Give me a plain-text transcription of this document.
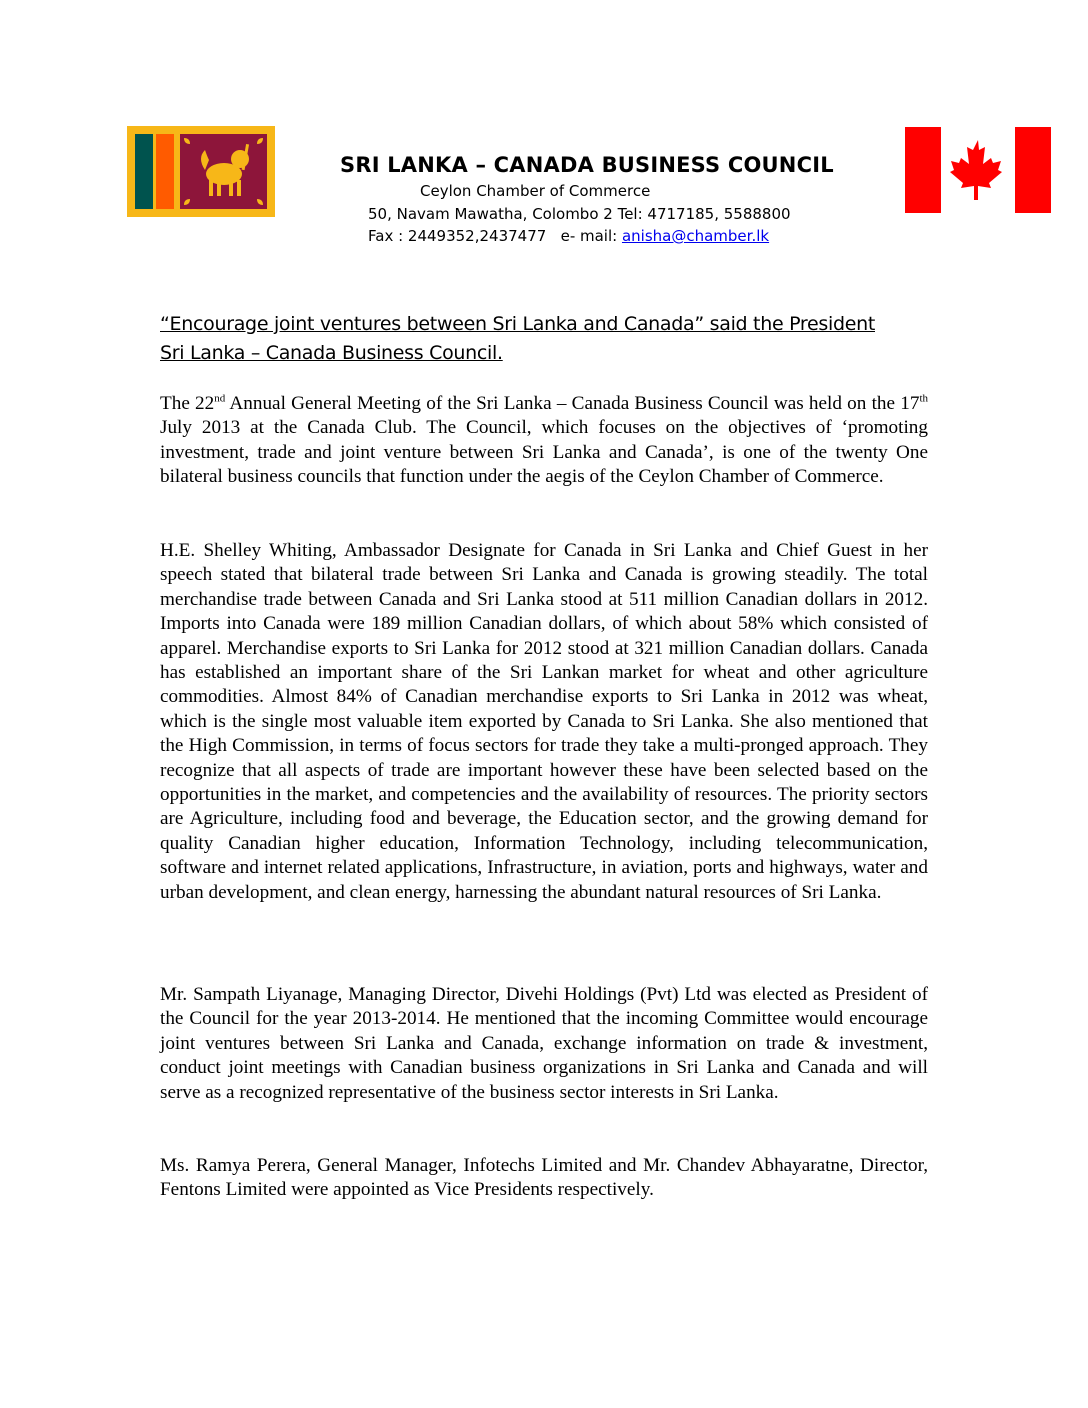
SRI LANKA – CANADA BUSINESS COUNCIL
Ceylon Chamber of Commerce
50, Navam Mawatha, Colombo 2 Tel: 4717185, 5588800
Fax : 2449352,2437477   e- mail: anisha@chamber.lk
“Encourage joint ventures between Sri Lanka and Canada” said the President
Sri Lanka – Canada Business Council.

The 22nd Annual General Meeting of the Sri Lanka – Canada Business Council was held on the 17th July 2013 at the Canada Club. The Council, which focuses on the objectives of ‘promoting investment, trade and joint venture between Sri Lanka and Canada’, is one of the twenty One bilateral business councils that function under the aegis of the Ceylon Chamber of Commerce.

H.E. Shelley Whiting, Ambassador Designate for Canada in Sri Lanka and Chief Guest in her speech stated that bilateral trade between Sri Lanka and Canada is growing steadily. The total merchandise trade between Canada and Sri Lanka stood at 511 million Canadian dollars in 2012. Imports into Canada were 189 million Canadian dollars, of which about 58% which consisted of apparel. Merchandise exports to Sri Lanka for 2012 stood at 321 million Canadian dollars. Canada has established an important share of the Sri Lankan market for wheat and other agriculture commodities. Almost 84% of Canadian merchandise exports to Sri Lanka in 2012 was wheat, which is the single most valuable item exported by Canada to Sri Lanka. She also mentioned that the High Commission, in terms of focus sectors for trade they take a multi-pronged approach. They recognize that all aspects of trade are important however these have been selected based on the opportunities in the market, and competencies and the availability of resources. The priority sectors are Agriculture, including food and beverage, the Education sector, and the growing demand for quality Canadian higher education, Information Technology, including telecommunication, software and internet related applications, Infrastructure, in aviation, ports and highways, water and urban development, and clean energy, harnessing the abundant natural resources of Sri Lanka.

Mr. Sampath Liyanage, Managing Director, Divehi Holdings (Pvt) Ltd was elected as President of the Council for the year 2013-2014. He mentioned that the incoming Committee would encourage joint ventures between Sri Lanka and Canada, exchange information on trade & investment, conduct joint meetings with Canadian business organizations in Sri Lanka and Canada and will serve as a recognized representative of the business sector interests in Sri Lanka.

Ms. Ramya Perera, General Manager, Infotechs Limited and Mr. Chandev Abhayaratne, Director, Fentons Limited were appointed as Vice Presidents respectively.
